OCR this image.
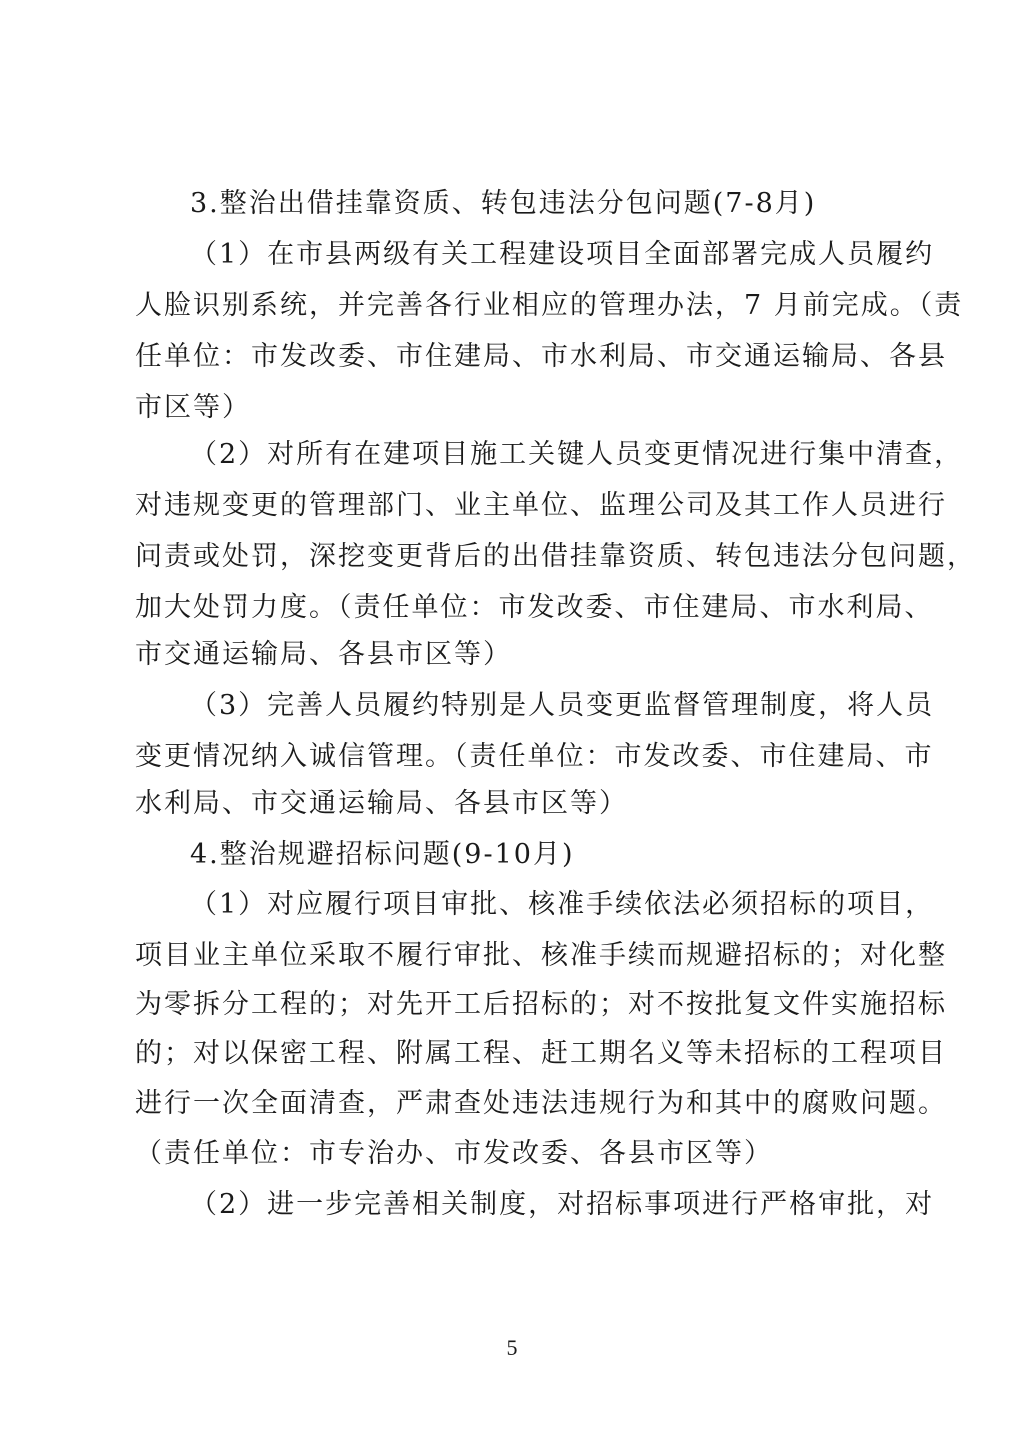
3.整治出借挂靠资质、转包违法分包问题(7-8月)
（1）在市县两级有关工程建设项目全面部署完成人员履约
人脸识别系统，并完善各行业相应的管理办法，7 月前完成。（责
任单位：市发改委、市住建局、市水利局、市交通运输局、各县
市区等）
（2）对所有在建项目施工关键人员变更情况进行集中清查，
对违规变更的管理部门、业主单位、监理公司及其工作人员进行
问责或处罚，深挖变更背后的出借挂靠资质、转包违法分包问题，
加大处罚力度。（责任单位：市发改委、市住建局、市水利局、
市交通运输局、各县市区等）
（3）完善人员履约特别是人员变更监督管理制度，将人员
变更情况纳入诚信管理。（责任单位：市发改委、市住建局、市
水利局、市交通运输局、各县市区等）
4.整治规避招标问题(9-10月)
（1）对应履行项目审批、核准手续依法必须招标的项目，
项目业主单位采取不履行审批、核准手续而规避招标的；对化整
为零拆分工程的；对先开工后招标的；对不按批复文件实施招标
的；对以保密工程、附属工程、赶工期名义等未招标的工程项目
进行一次全面清查，严肃查处违法违规行为和其中的腐败问题。
（责任单位：市专治办、市发改委、各县市区等）
（2）进一步完善相关制度，对招标事项进行严格审批，对
5
